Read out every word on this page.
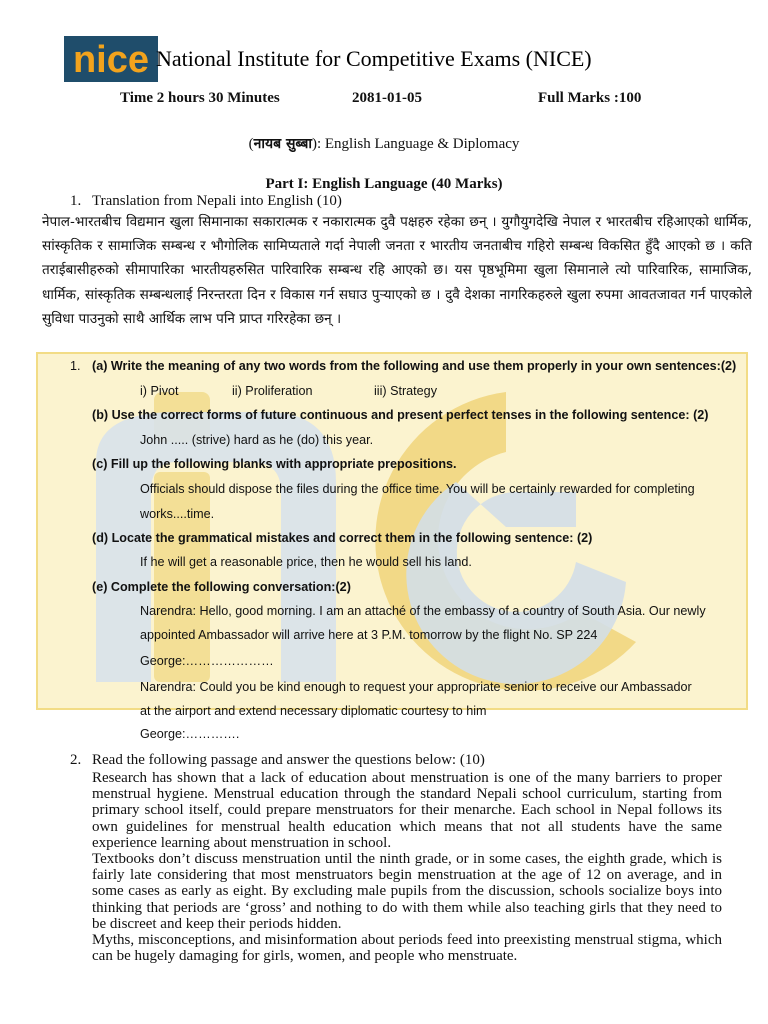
nice National Institute for Competitive Exams (NICE)
Time 2 hours 30 Minutes	2081-01-05	Full Marks :100
(नायब सुब्बा): English Language & Diplomacy
Part I: English Language (40 Marks)
1. Translation from Nepali into English (10)
नेपाल-भारतबीच विद्यमान खुला सिमानाका सकारात्मक र नकारात्मक दुवै पक्षहरु रहेका छन् । युगौयुगदेखि नेपाल र भारतबीच रहिआएको धार्मिक, सांस्कृतिक र सामाजिक सम्बन्ध र भौगोलिक सामिप्यताले गर्दा नेपाली जनता र भारतीय जनताबीच गहिरो सम्बन्ध विकसित हुँदै आएको छ । कति तराईबासीहरुको सीमापारिका भारतीयहरुसित पारिवारिक सम्बन्ध रहि आएको छ। यस पृष्ठभूमिमा खुला सिमानाले त्यो पारिवारिक, सामाजिक, धार्मिक, सांस्कृतिक सम्बन्धलाई निरन्तरता दिन र विकास गर्न सघाउ पुर्‍याएको छ । दुवै देशका नागरिकहरुले खुला रुपमा आवतजावत गर्न पाएकोले सुविधा पाउनुको साथै आर्थिक लाभ पनि प्राप्त गरिरहेका छन् ।
1. (a) Write the meaning of any two words from the following and use them properly in your own sentences:(2)
i) Pivot	ii) Proliferation	iii) Strategy
(b) Use the correct forms of future continuous and present perfect tenses in the following sentence: (2)
John ..... (strive) hard as he (do) this year.
(c) Fill up the following blanks with appropriate prepositions.
Officials should dispose the files during the office time. You will be certainly rewarded for completing
works....time.
(d) Locate the grammatical mistakes and correct them in the following sentence: (2)
If he will get a reasonable price, then he would sell his land.
(e) Complete the following conversation:(2)
Narendra: Hello, good morning. I am an attaché of the embassy of a country of South Asia. Our newly
appointed Ambassador will arrive here at 3 P.M. tomorrow by the flight No. SP 224
George:…………………
Narendra: Could you be kind enough to request your appropriate senior to receive our Ambassador
at the airport and extend necessary diplomatic courtesy to him
George:………….
2. Read the following passage and answer the questions below: (10)

Research has shown that a lack of education about menstruation is one of the many barriers to proper menstrual hygiene. Menstrual education through the standard Nepali school curriculum, starting from primary school itself, could prepare menstruators for their menarche. Each school in Nepal follows its own guidelines for menstrual health education which means that not all students have the same experience learning about menstruation in school.

Textbooks don’t discuss menstruation until the ninth grade, or in some cases, the eighth grade, which is fairly late considering that most menstruators begin menstruation at the age of 12 on average, and in some cases as early as eight. By excluding male pupils from the discussion, schools socialize boys into thinking that periods are ‘gross’ and nothing to do with them while also teaching girls that they need to be discreet and keep their periods hidden.

Myths, misconceptions, and misinformation about periods feed into preexisting menstrual stigma, which can be hugely damaging for girls, women, and people who menstruate.
